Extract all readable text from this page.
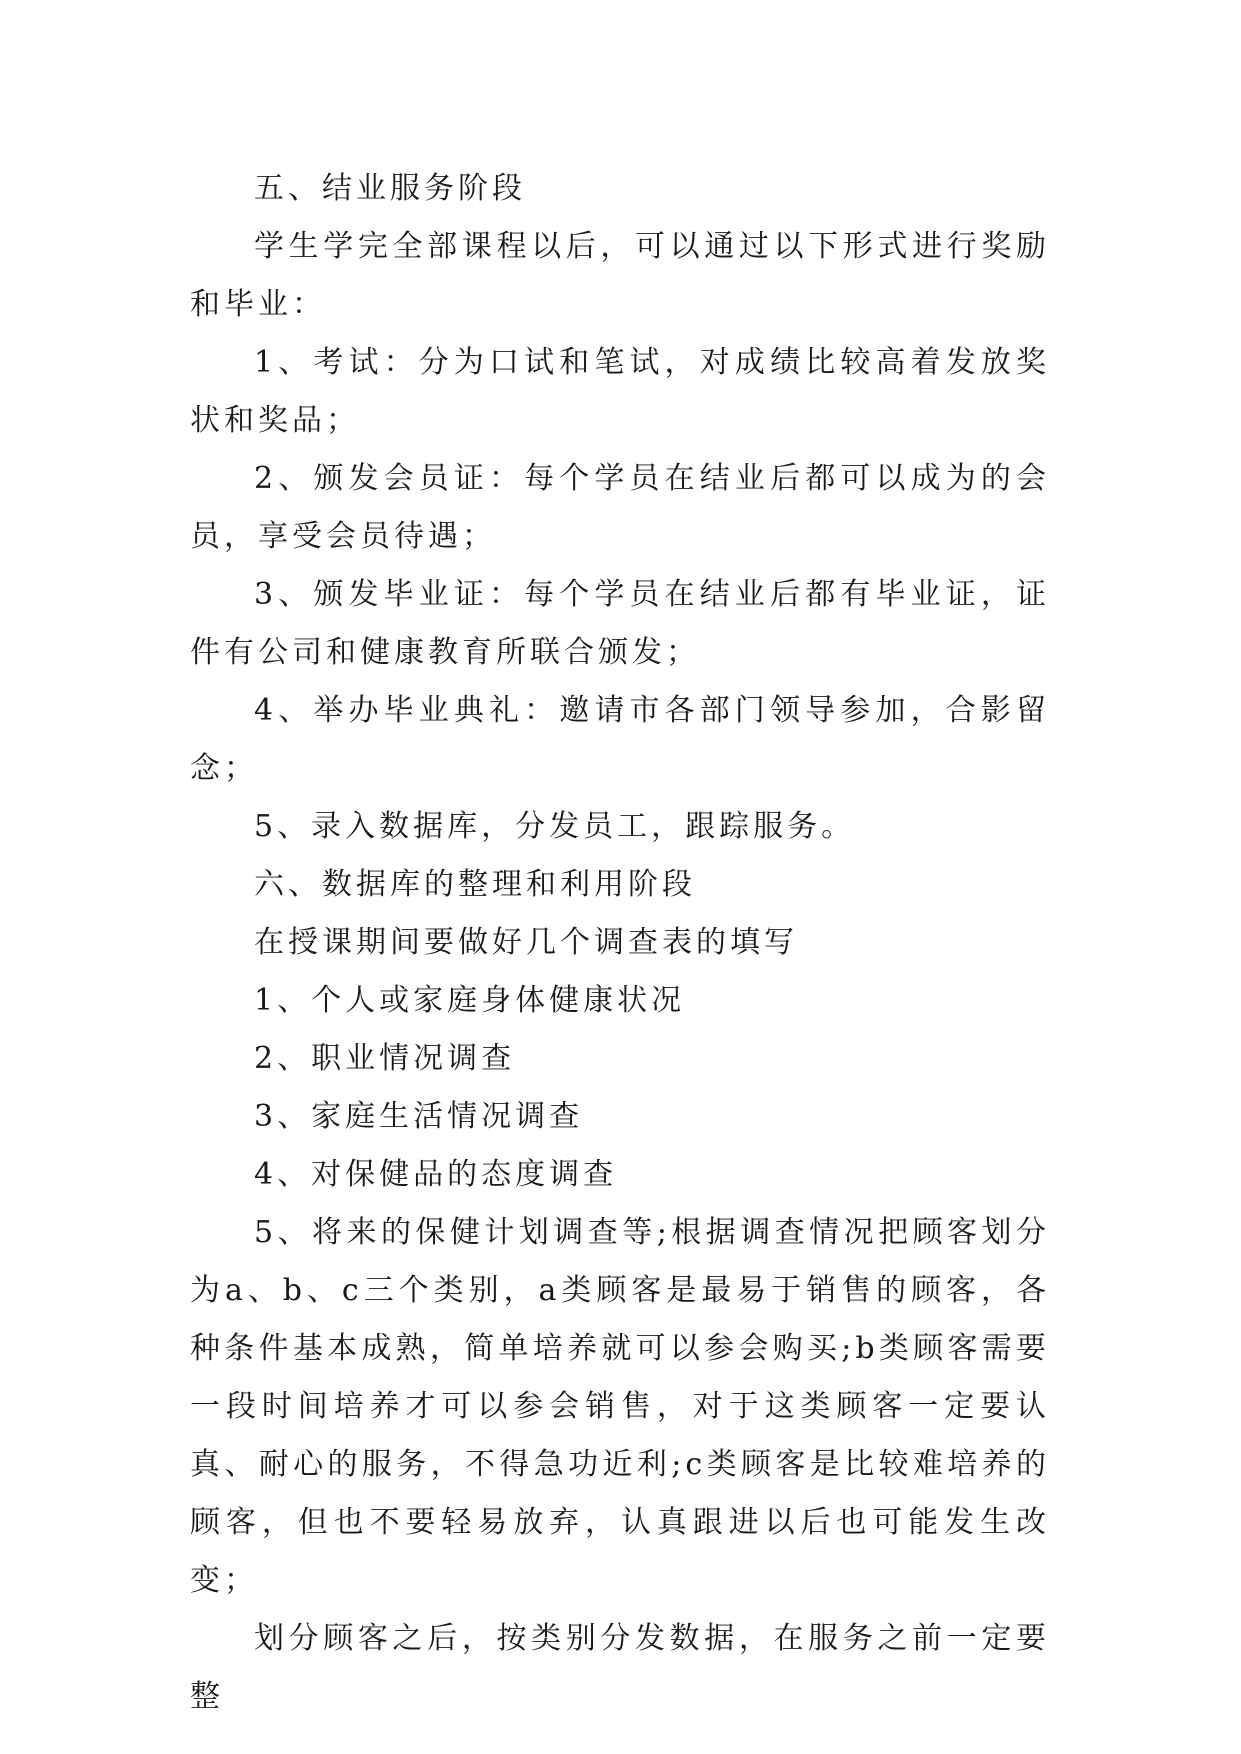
五、结业服务阶段

学生学完全部课程以后，可以通过以下形式进行奖励和毕业：

1、考试：分为口试和笔试，对成绩比较高着发放奖状和奖品；

2、颁发会员证：每个学员在结业后都可以成为的会员，享受会员待遇；

3、颁发毕业证：每个学员在结业后都有毕业证，证件有公司和健康教育所联合颁发；

4、举办毕业典礼：邀请市各部门领导参加，合影留念；

5、录入数据库，分发员工，跟踪服务。

六、数据库的整理和利用阶段

在授课期间要做好几个调查表的填写

1、个人或家庭身体健康状况

2、职业情况调查

3、家庭生活情况调查

4、对保健品的态度调查

5、将来的保健计划调查等;根据调查情况把顾客划分为a、b、c三个类别，a类顾客是最易于销售的顾客，各种条件基本成熟，简单培养就可以参会购买;b类顾客需要一段时间培养才可以参会销售，对于这类顾客一定要认真、耐心的服务，不得急功近利;c类顾客是比较难培养的顾客，但也不要轻易放弃，认真跟进以后也可能发生改变；

划分顾客之后，按类别分发数据，在服务之前一定要整
